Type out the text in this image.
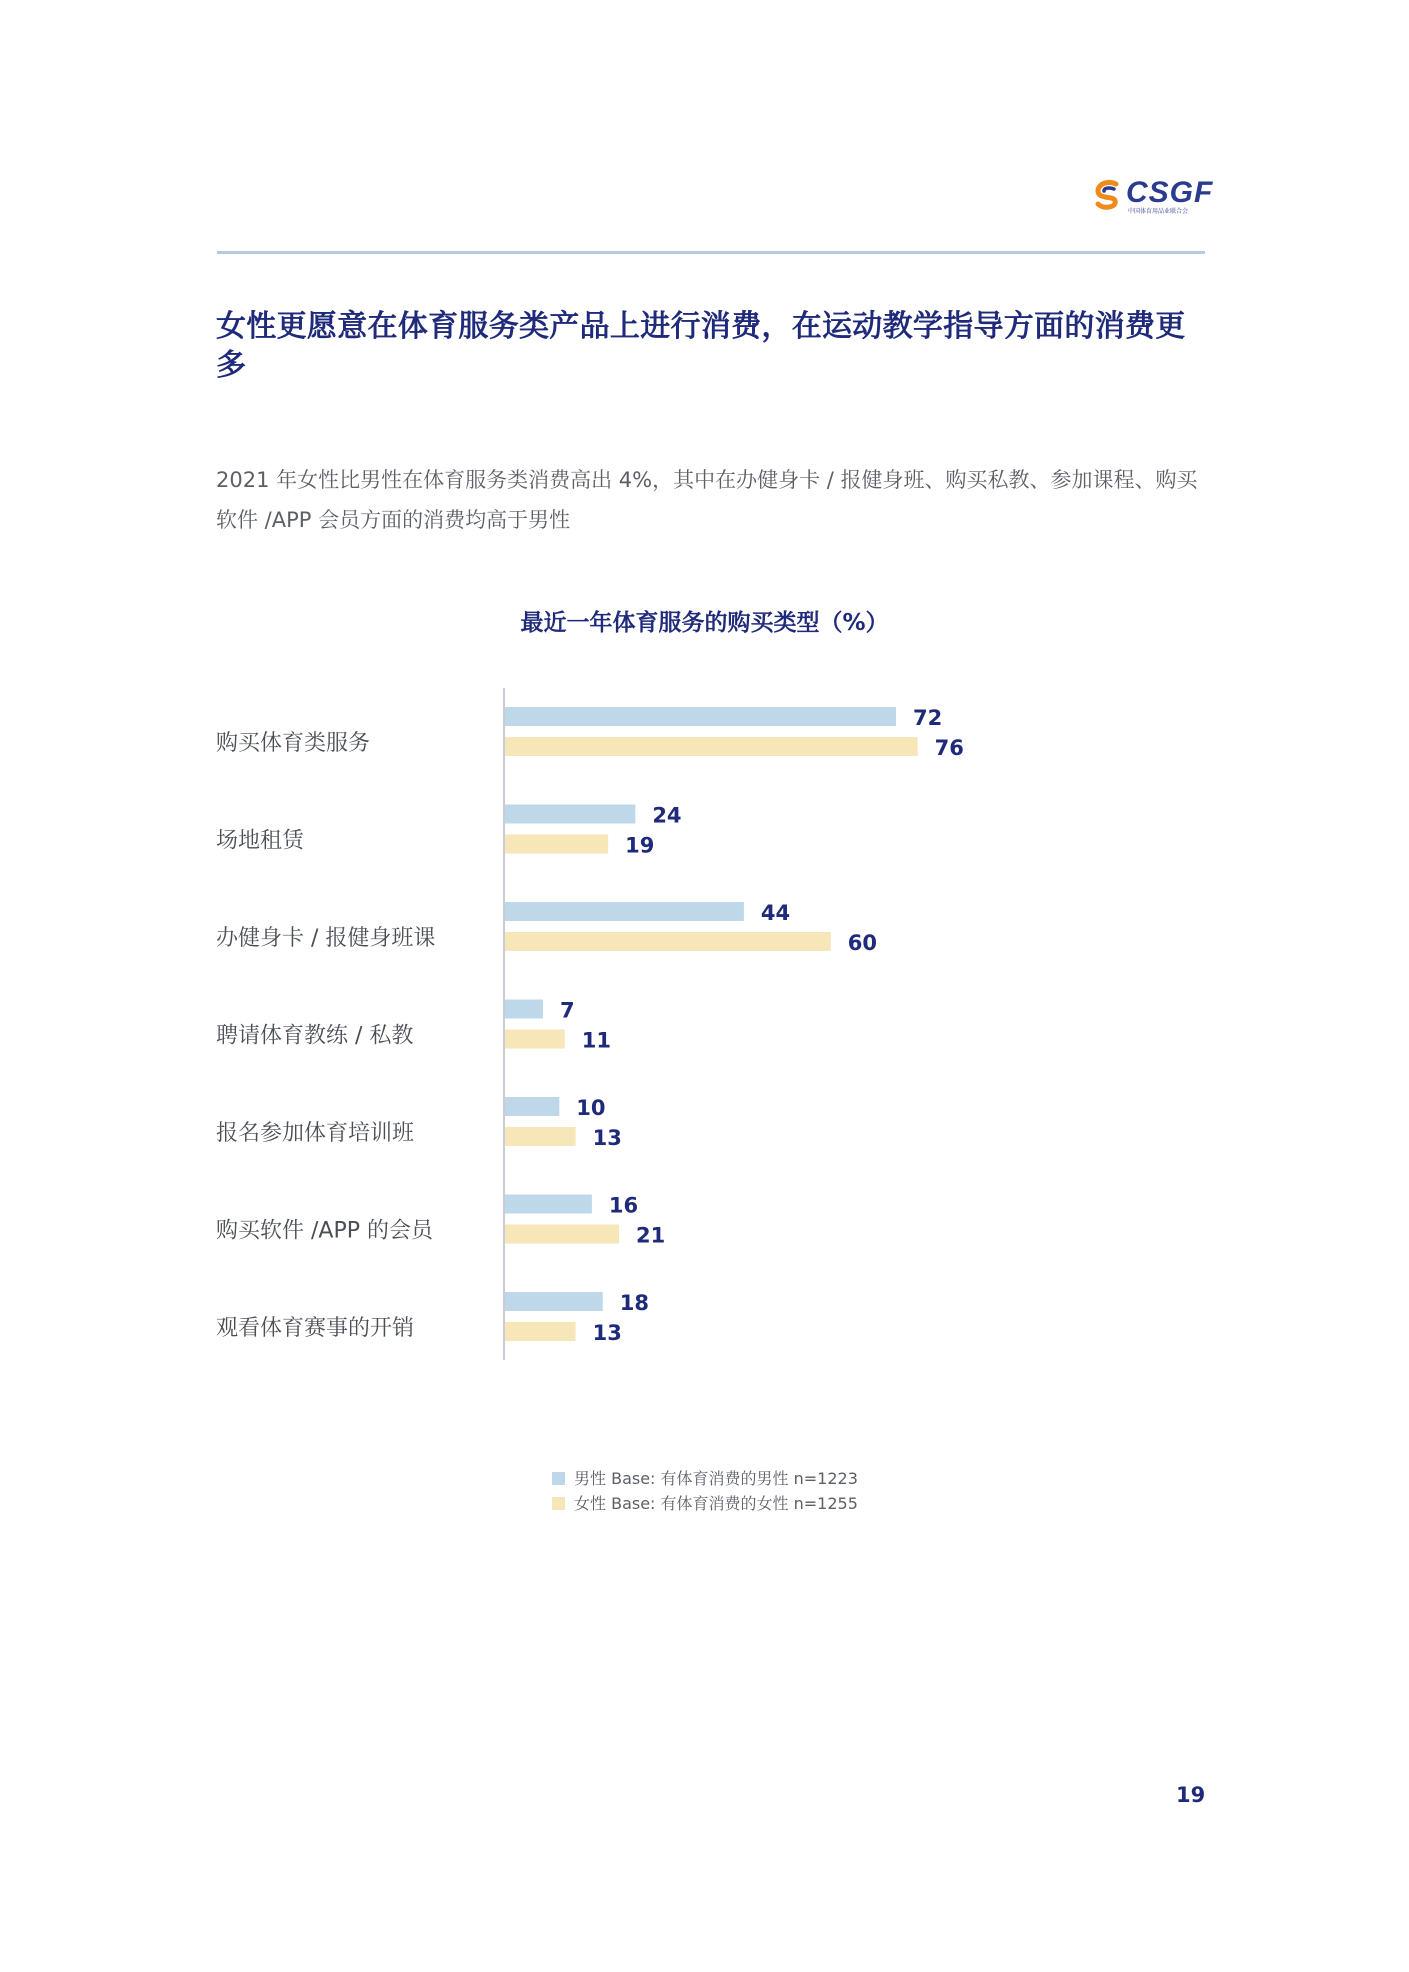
CSGF
中国体育用品业联合会
女性更愿意在体育服务类产品上进行消费，在运动教学指导方面的消费更多

2021 年女性比男性在体育服务类消费高出 4%，其中在办健身卡 / 报健身班、购买私教、参加课程、购买软件 /APP 会员方面的消费均高于男性

最近一年体育服务的购买类型（%）
购买体育类服务
72
76
场地租赁
24
19
办健身卡 / 报健身班课
44
60
聘请体育教练 / 私教
7
11
报名参加体育培训班
10
13
购买软件 /APP 的会员
16
21
观看体育赛事的开销
18
13
男性 Base: 有体育消费的男性 n=1223
女性 Base: 有体育消费的女性 n=1255
19
